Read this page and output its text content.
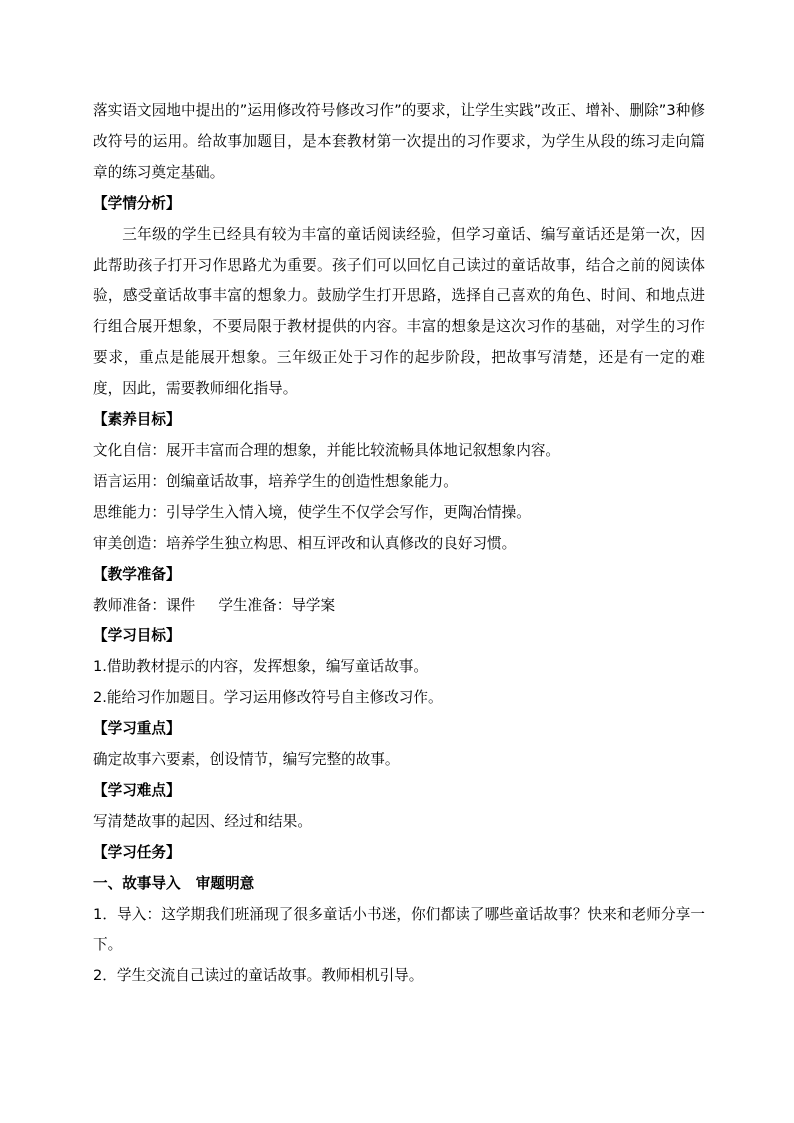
落实语文园地中提出的”运用修改符号修改习作”的要求，让学生实践”改正、增补、删除”3种修改符号的运用。给故事加题目，是本套教材第一次提出的习作要求，为学生从段的练习走向篇章的练习奠定基础。

【学情分析】

三年级的学生已经具有较为丰富的童话阅读经验，但学习童话、编写童话还是第一次，因此帮助孩子打开习作思路尤为重要。孩子们可以回忆自己读过的童话故事，结合之前的阅读体验，感受童话故事丰富的想象力。鼓励学生打开思路，选择自己喜欢的角色、时间、和地点进行组合展开想象，不要局限于教材提供的内容。丰富的想象是这次习作的基础，对学生的习作要求，重点是能展开想象。三年级正处于习作的起步阶段，把故事写清楚，还是有一定的难度，因此，需要教师细化指导。

【素养目标】

文化自信：展开丰富而合理的想象，并能比较流畅具体地记叙想象内容。

语言运用：创编童话故事，培养学生的创造性想象能力。

思维能力：引导学生入情入境，使学生不仅学会写作，更陶冶情操。

审美创造：培养学生独立构思、相互评改和认真修改的良好习惯。

【教学准备】

教师准备：课件     学生准备：导学案

【学习目标】

1.借助教材提示的内容，发挥想象，编写童话故事。

2.能给习作加题目。学习运用修改符号自主修改习作。

【学习重点】

确定故事六要素，创设情节，编写完整的故事。

【学习难点】

写清楚故事的起因、经过和结果。

【学习任务】

一、故事导入   审题明意

1．导入：这学期我们班涌现了很多童话小书迷，你们都读了哪些童话故事？快来和老师分享一下。

2．学生交流自己读过的童话故事。教师相机引导。
